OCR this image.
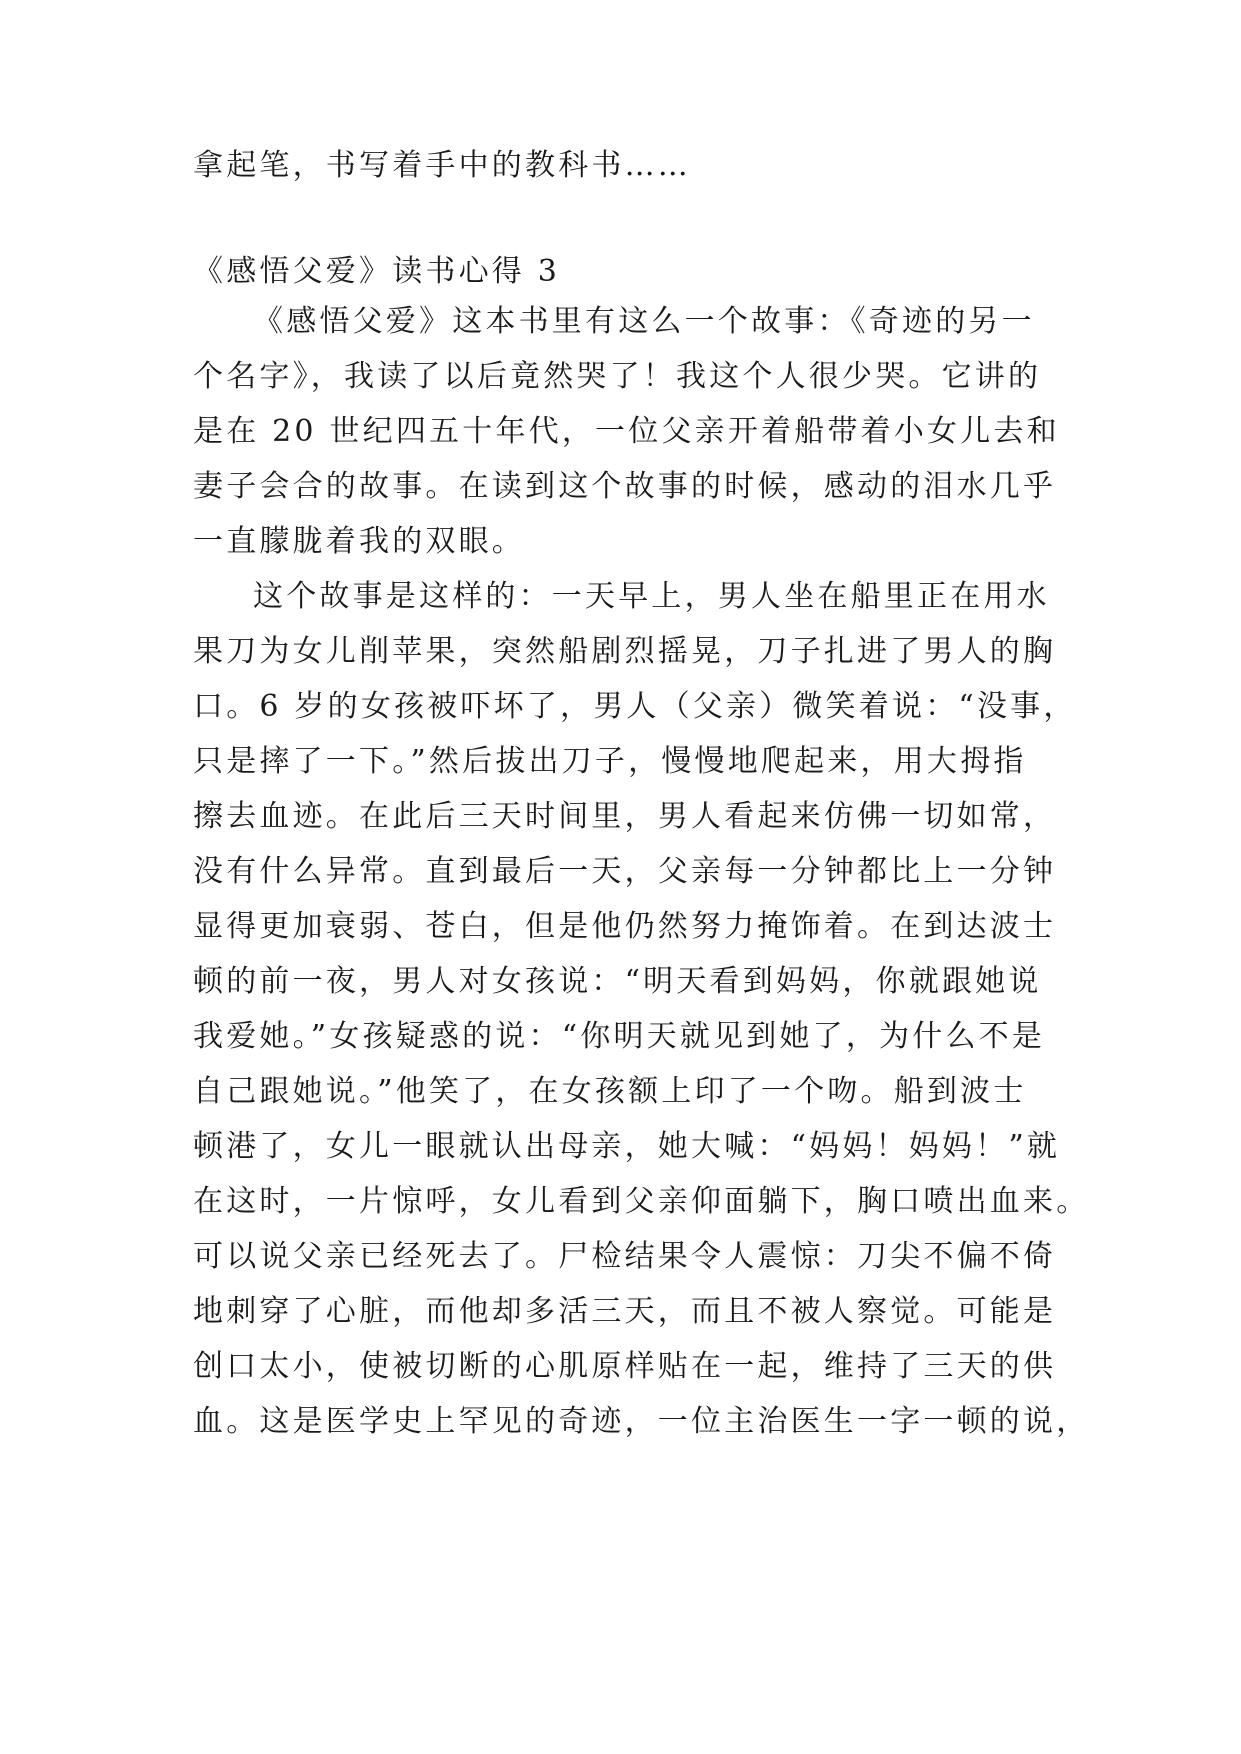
拿起笔，书写着手中的教科书……
《感悟父爱》读书心得 3
《感悟父爱》这本书里有这么一个故事：《奇迹的另一
个名字》，我读了以后竟然哭了！我这个人很少哭。它讲的
是在 20 世纪四五十年代，一位父亲开着船带着小女儿去和
妻子会合的故事。在读到这个故事的时候，感动的泪水几乎
一直朦胧着我的双眼。
这个故事是这样的：一天早上，男人坐在船里正在用水
果刀为女儿削苹果，突然船剧烈摇晃，刀子扎进了男人的胸
口。6 岁的女孩被吓坏了，男人（父亲）微笑着说：“没事，
只是摔了一下。”然后拔出刀子，慢慢地爬起来，用大拇指
擦去血迹。在此后三天时间里，男人看起来仿佛一切如常，
没有什么异常。直到最后一天，父亲每一分钟都比上一分钟
显得更加衰弱、苍白，但是他仍然努力掩饰着。在到达波士
顿的前一夜，男人对女孩说：“明天看到妈妈，你就跟她说
我爱她。”女孩疑惑的说：“你明天就见到她了，为什么不是
自己跟她说。”他笑了，在女孩额上印了一个吻。船到波士
顿港了，女儿一眼就认出母亲，她大喊：“妈妈！妈妈！”就
在这时，一片惊呼，女儿看到父亲仰面躺下，胸口喷出血来。
可以说父亲已经死去了。尸检结果令人震惊：刀尖不偏不倚
地刺穿了心脏，而他却多活三天，而且不被人察觉。可能是
创口太小，使被切断的心肌原样贴在一起，维持了三天的供
血。这是医学史上罕见的奇迹，一位主治医生一字一顿的说，
